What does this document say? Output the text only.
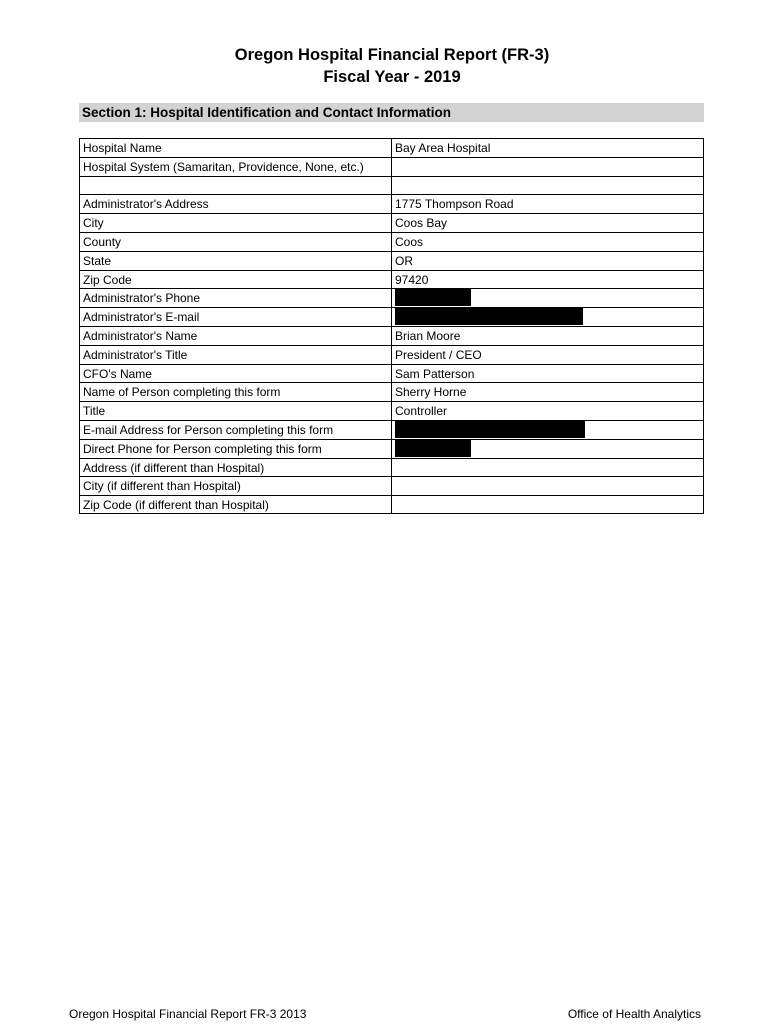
Oregon Hospital Financial Report (FR-3)
Fiscal Year - 2019
Section 1: Hospital Identification and Contact Information
Hospital Name	Bay Area Hospital
Hospital System (Samaritan, Providence, None, etc.)
Administrator's Address	1775 Thompson Road
City	Coos Bay
County	Coos
State	OR
Zip Code	97420
Administrator's Phone
Administrator's E-mail
Administrator's Name	Brian Moore
Administrator's Title	President / CEO
CFO's Name	Sam Patterson
Name of Person completing this form	Sherry Horne
Title	Controller
E-mail Address for Person completing this form
Direct Phone for Person completing this form
Address (if different than Hospital)
City (if different than Hospital)
Zip Code (if different than Hospital)
Oregon Hospital Financial Report FR-3 2013	Office of Health Analytics
